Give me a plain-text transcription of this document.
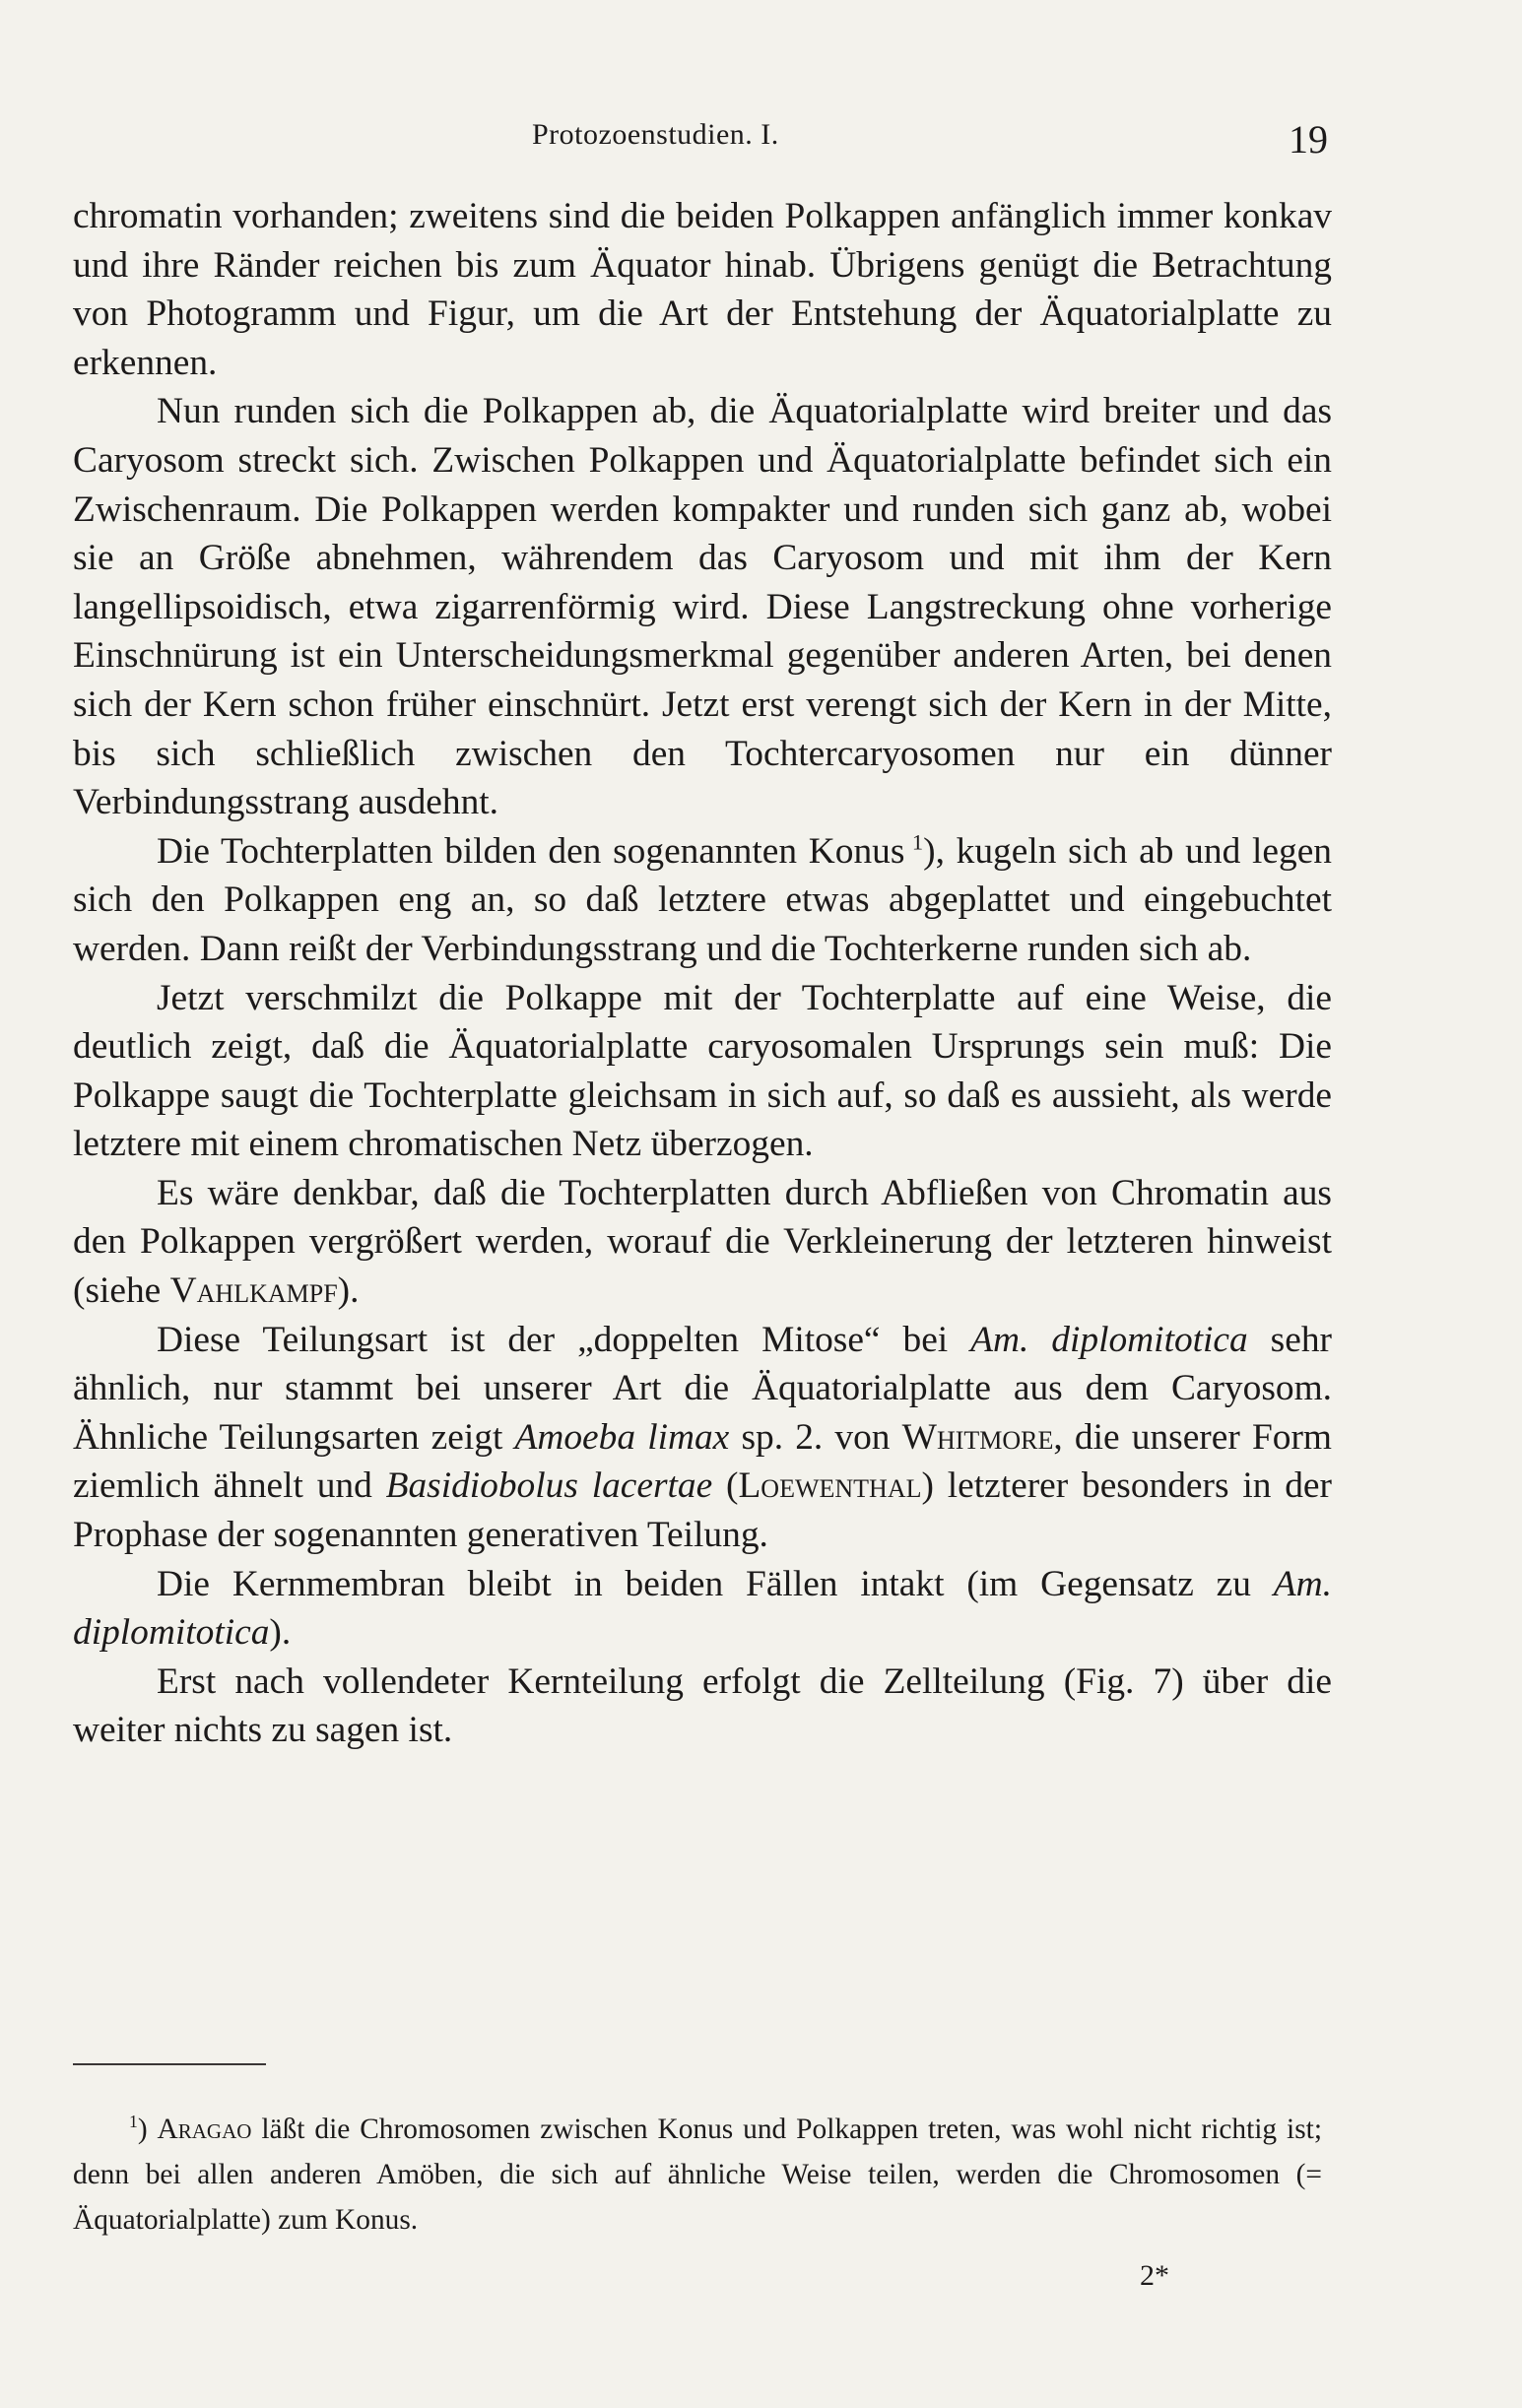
Protozoenstudien. I.	19

chromatin vorhanden; zweitens sind die beiden Polkappen anfänglich immer konkav und ihre Ränder reichen bis zum Äquator hinab. Übrigens genügt die Betrachtung von Photogramm und Figur, um die Art der Entstehung der Äquatorialplatte zu erkennen.

Nun runden sich die Polkappen ab, die Äquatorialplatte wird breiter und das Caryosom streckt sich. Zwischen Polkappen und Äquatorialplatte befindet sich ein Zwischenraum. Die Polkappen werden kompakter und runden sich ganz ab, wobei sie an Größe abnehmen, währendem das Caryosom und mit ihm der Kern langellipsoidisch, etwa zigarrenförmig wird. Diese Langstreckung ohne vorherige Einschnürung ist ein Unterscheidungsmerkmal gegenüber anderen Arten, bei denen sich der Kern schon früher einschnürt. Jetzt erst verengt sich der Kern in der Mitte, bis sich schließlich zwischen den Tochtercaryosomen nur ein dünner Verbindungsstrang ausdehnt.

Die Tochterplatten bilden den sogenannten Konus  $^1$), kugeln sich ab und legen sich den Polkappen eng an, so daß letztere etwas abgeplattet und eingebuchtet werden. Dann reißt der Verbindungsstrang und die Tochterkerne runden sich ab.

Jetzt verschmilzt die Polkappe mit der Tochterplatte auf eine Weise, die deutlich zeigt, daß die Äquatorialplatte caryosomalen Ursprungs sein muß: Die Polkappe saugt die Tochterplatte gleichsam in sich auf, so daß es aussieht, als werde letztere mit einem chromatischen Netz überzogen.

Es wäre denkbar, daß die Tochterplatten durch Abfließen von Chromatin aus den Polkappen vergrößert werden, worauf die Verkleinerung der letzteren hinweist (siehe Vahlkampf).

Diese Teilungsart ist der „doppelten Mitose“ bei Am. diplomitotica sehr ähnlich, nur stammt bei unserer Art die Äquatorialplatte aus dem Caryosom. Ähnliche Teilungsarten zeigt Amoeba limax sp. 2. von Whitmore, die unserer Form ziemlich ähnelt und Basidiobolus lacertae (Loewenthal) letzterer besonders in der Prophase der sogenannten generativen Teilung.

Die Kernmembran bleibt in beiden Fällen intakt (im Gegensatz zu Am. diplomitotica).

Erst nach vollendeter Kernteilung erfolgt die Zellteilung (Fig. 7) über die weiter nichts zu sagen ist.

$^1$) Aragao läßt die Chromosomen zwischen Konus und Polkappen treten, was wohl nicht richtig ist; denn bei allen anderen Amöben, die sich auf ähnliche Weise teilen, werden die Chromosomen (= Äquatorialplatte) zum Konus.

2*
